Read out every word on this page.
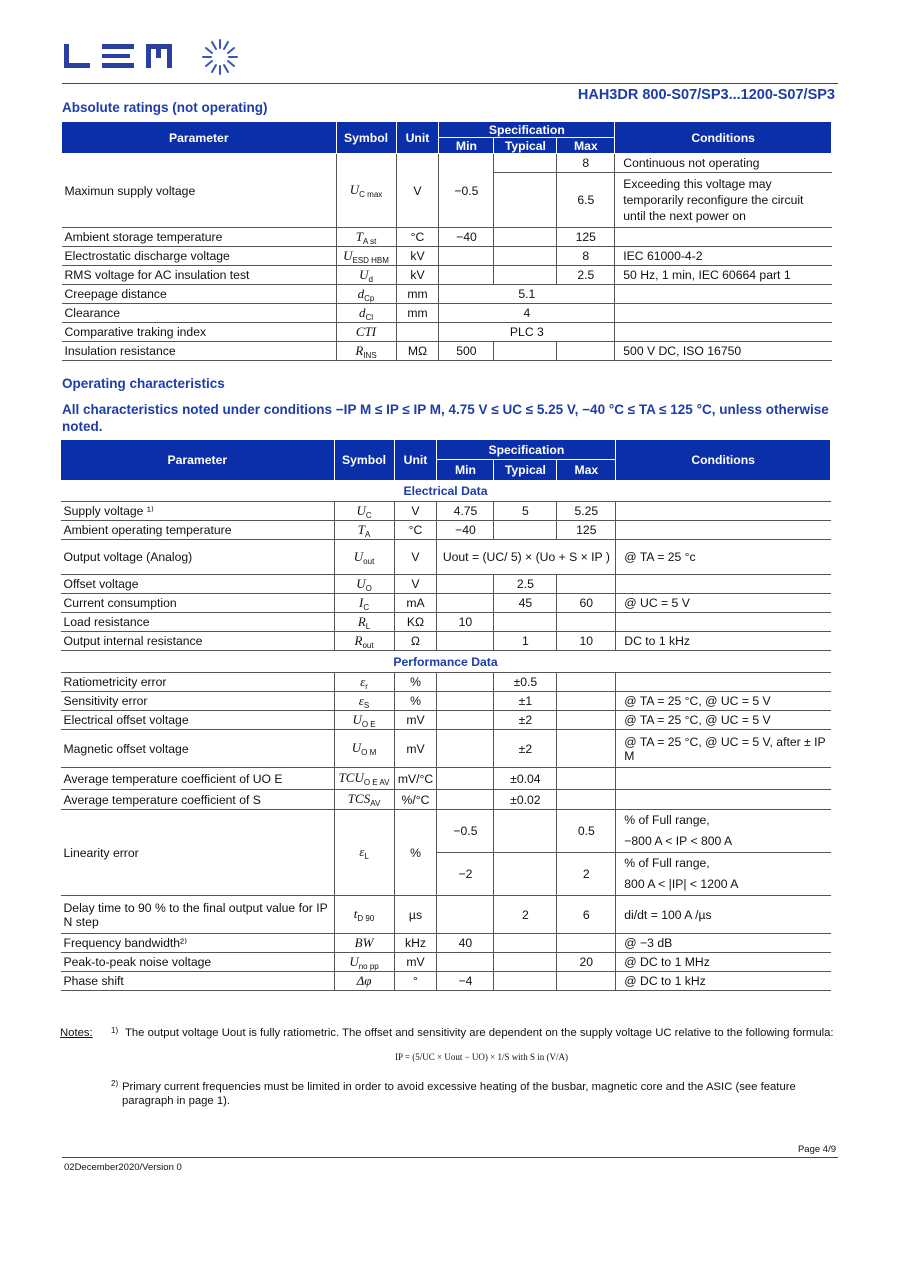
HAH3DR 800-S07/SP3...1200-S07/SP3
Absolute ratings (not operating)
Parameter	Symbol	Unit	Specification			Conditions
			Min	Typical	Max	
Maximun supply voltage	$U_{C max}$	V	−0.5		8	Continuous not operating
					6.5	Exceeding this voltage may temporarily reconfigure the circuit until the next power on
Ambient storage temperature	$T_{A st}$	°C	−40		125	
Electrostatic discharge voltage	$U_{ESD HBM}$	kV			8	IEC 61000-4-2
RMS voltage for AC insulation test	$U_d$	kV			2.5	50 Hz, 1 min, IEC 60664 part 1
Creepage distance	$d_{Cp}$	mm	5.1			
Clearance	$d_{Cl}$	mm	4			
Comparative traking index	CTI		PLC 3			
Insulation resistance	$R_{INS}$	MΩ	500			500 V DC, ISO 16750
Operating characteristics
All characteristics noted under conditions −IP M ≤ IP ≤ IP M, 4.75 V ≤ UC ≤ 5.25 V, −40 °C ≤ TA ≤ 125 °C, unless otherwise noted.
Parameter	Symbol	Unit	Specification			Conditions
			Min	Typical	Max	
Electrical Data						
Supply voltage ¹⁾	$U_C$	V	4.75	5	5.25	
Ambient operating temperature	$T_A$	°C	−40		125	
Output voltage (Analog)	$U_{out}$	V	Uout = (UC/ 5) × (Uo + S × IP )			@ TA = 25 °c
Offset voltage	$U_O$	V		2.5		
Current consumption	$I_C$	mA		45	60	@ UC = 5 V
Load resistance	$R_L$	KΩ	10			
Output internal resistance	$R_{out}$	Ω		1	10	DC to 1 kHz
Performance Data						
Ratiometricity error	$\varepsilon_r$	%		±0.5		
Sensitivity error	$\varepsilon_S$	%		±1		@ TA = 25 °C, @ UC = 5 V
Electrical offset voltage	$U_{O E}$	mV		±2		@ TA = 25 °C, @ UC = 5 V
Magnetic offset voltage	$U_{O M}$	mV		±2		@ TA = 25 °C, @ UC = 5 V, after ± IP M
Average temperature coefficient of UO E	$TCU_{O E AV}$	mV/°C		±0.04		
Average temperature coefficient of S	$TCS_{AV}$	%/°C		±0.02		
Linearity error	$\varepsilon_L$	%	−0.5		0.5	% of Full range,
−800 A < IP < 800 A

			−2		2	% of Full range,
800 A < |IP| < 1200 A

Delay time to 90 % to the final output value for IP N step	$t_{D 90}$	µs		2	6	di/dt = 100 A /µs
Frequency bandwidth²⁾	BW	kHz	40			@ −3 dB
Peak-to-peak noise voltage	$U_{no pp}$	mV			20	@ DC to 1 MHz
Phase shift	Δφ	°	−4			@ DC to 1 kHz
Notes: 1) The output voltage Uout is fully ratiometric. The offset and sensitivity are dependent on the supply voltage UC relative to the following formula:
IP = (5/UC × Uout − UO) × 1/S with S in (V/A)
2) Primary current frequencies must be limited in order to avoid excessive heating of the busbar, magnetic core and the ASIC (see feature paragraph in page 1).
Page 4/9
02December2020/Version 0
